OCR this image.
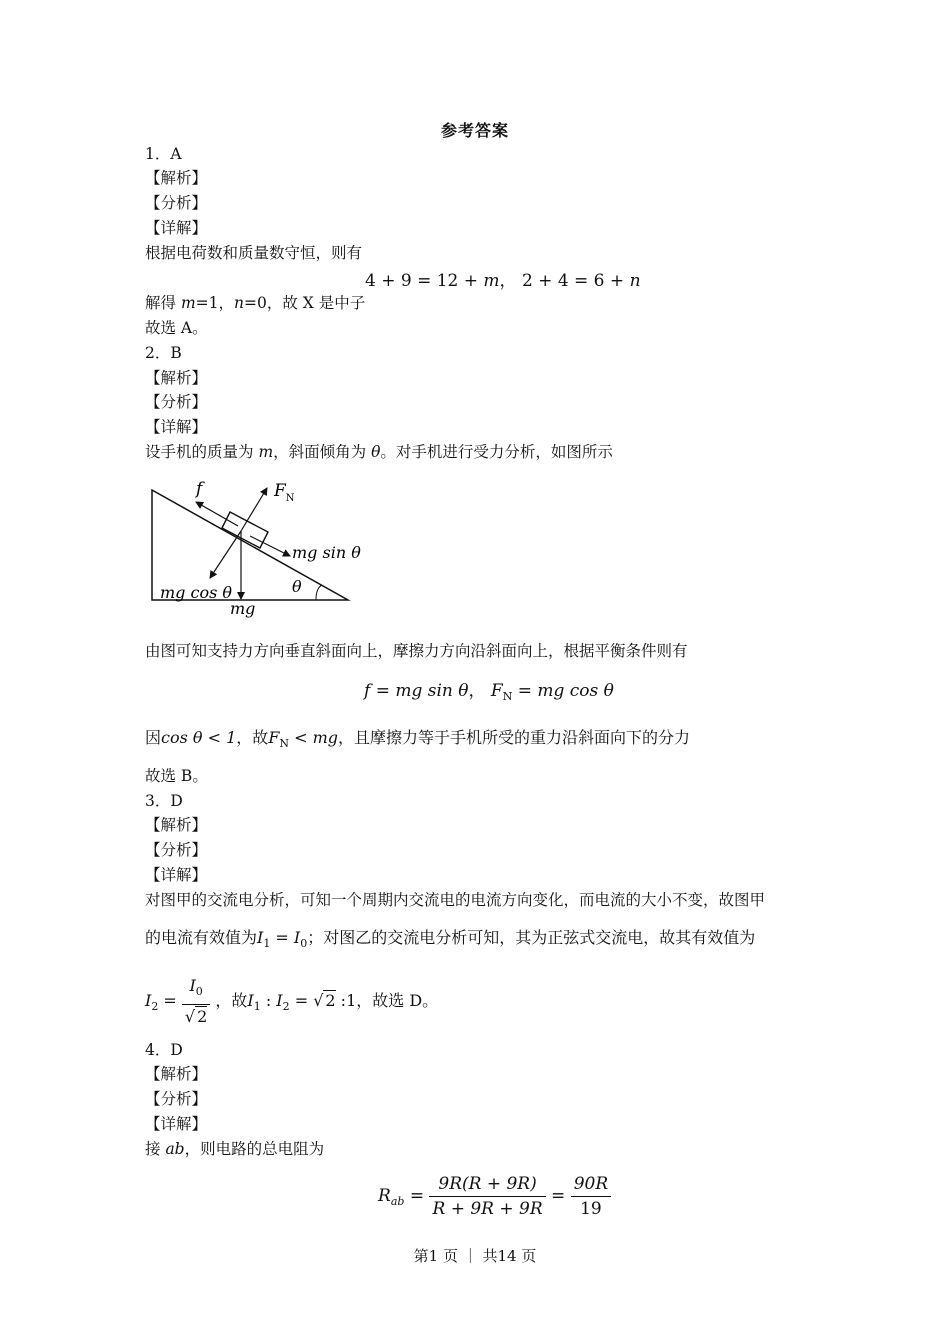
参考答案
1．A
【解析】
【分析】
【详解】
根据电荷数和质量数守恒，则有
4 + 9 = 12 + m， 2 + 4 = 6 + n
解得 m=1，n=0，故 X 是中子
故选 A。
2．B
【解析】
【分析】
【详解】
设手机的质量为 m，斜面倾角为 θ。对手机进行受力分析，如图所示
f	$F_N$
mg sin θ
θ
mg cos θ
mg
由图可知支持力方向垂直斜面向上，摩擦力方向沿斜面向上，根据平衡条件则有
f = mg sin θ， $F_N$ = mg cos θ
因cos θ < 1，故$F_N$ < mg，且摩擦力等于手机所受的重力沿斜面向下的分力
故选 B。
3．D
【解析】
【分析】
【详解】
对图甲的交流电分析，可知一个周期内交流电的电流方向变化，而电流的大小不变，故图甲
的电流有效值为$I_1 = I_0$；对图乙的交流电分析可知，其为正弦式交流电，故其有效值为
$I_2 = \frac{I_0}{√ 2}$ ，故$I_1$ : $I_2$ = √ 2 :1，故选 D。
4．D
【解析】
【分析】
【详解】
接 ab，则电路的总电阻为
$R_{ab} = \frac{9R(R + 9R)}{R + 9R + 9R} = \frac{90R}{19}$
第1 页 ｜ 共14 页
